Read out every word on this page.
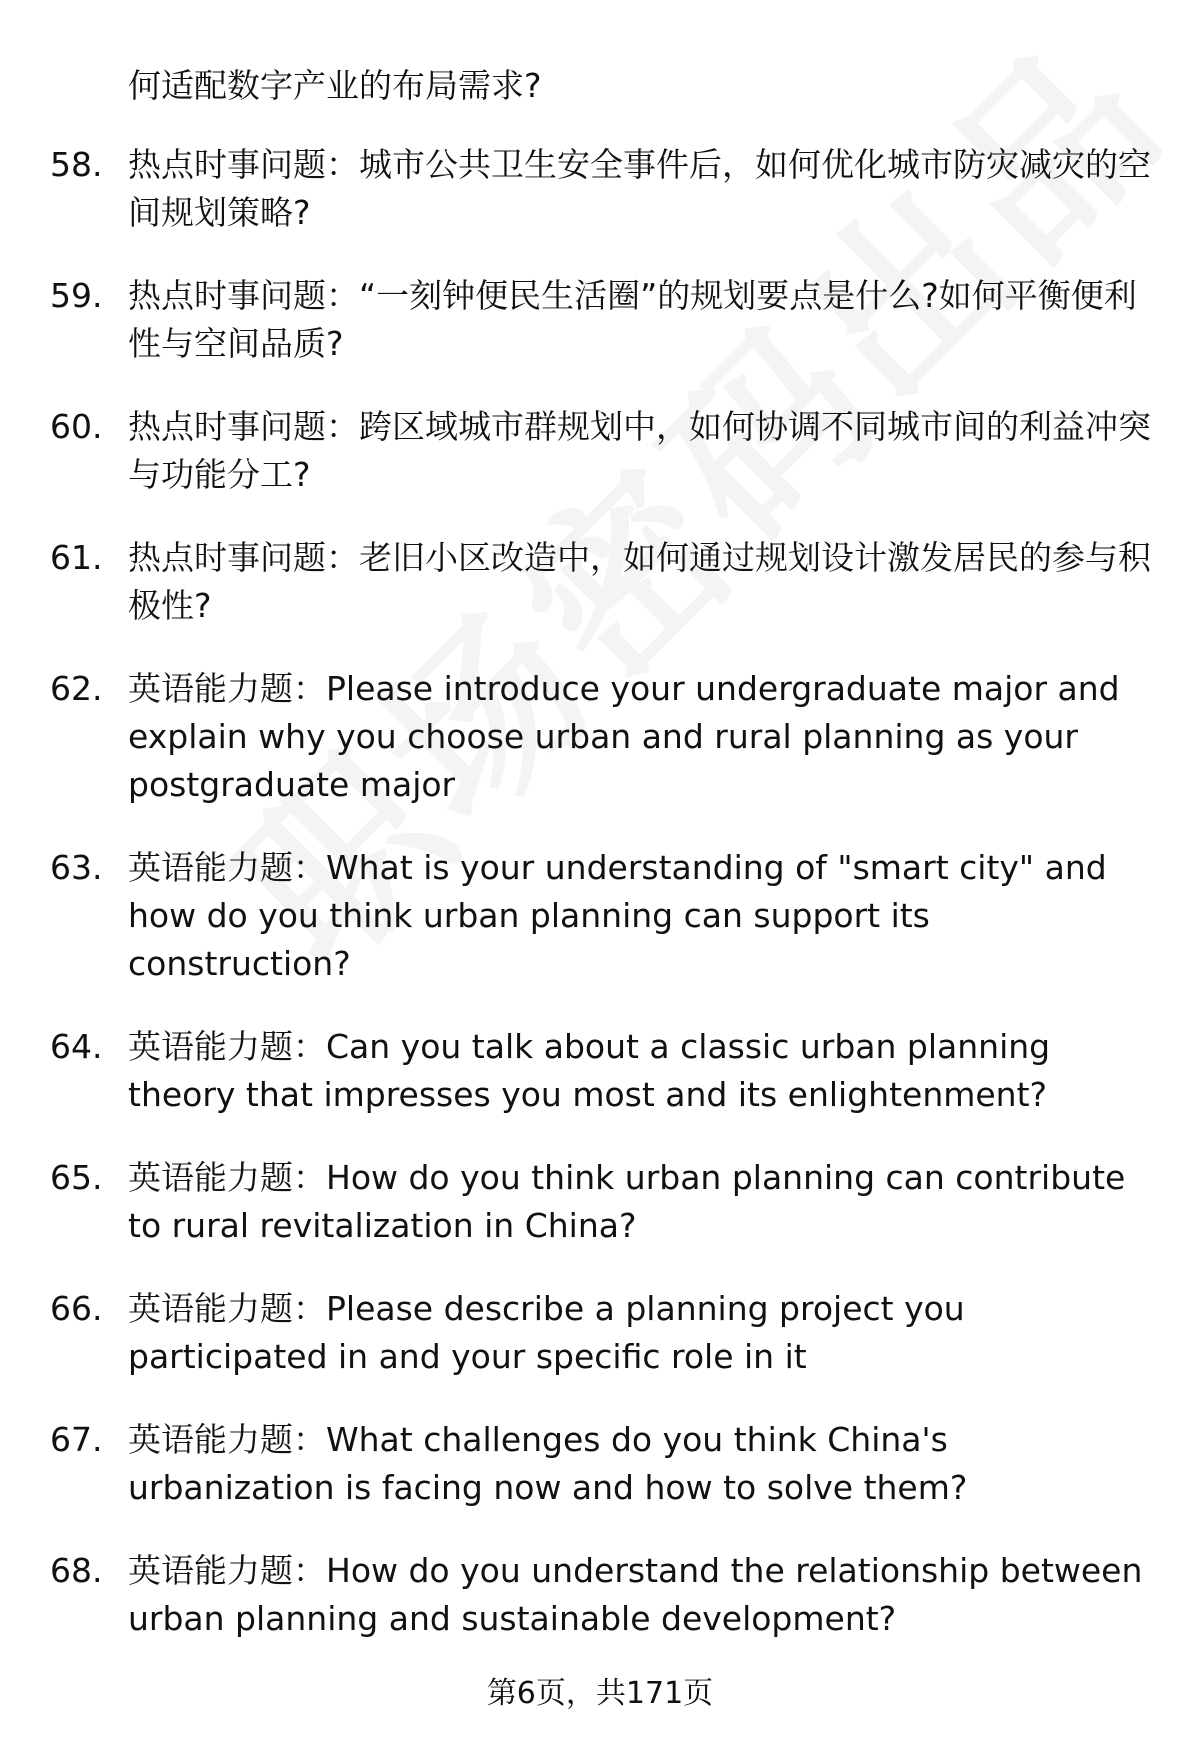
何适配数字产业的布局需求?
58. 热点时事问题：城市公共卫生安全事件后，如何优化城市防灾减灾的空间规划策略?
59. 热点时事问题：“一刻钟便民生活圈”的规划要点是什么?如何平衡便利性与空间品质?
60. 热点时事问题：跨区域城市群规划中，如何协调不同城市间的利益冲突与功能分工?
61. 热点时事问题：老旧小区改造中，如何通过规划设计激发居民的参与积极性?
62. 英语能力题：Please introduce your undergraduate major and explain why you choose urban and rural planning as your postgraduate major
63. 英语能力题：What is your understanding of "smart city" and how do you think urban planning can support its construction?
64. 英语能力题：Can you talk about a classic urban planning theory that impresses you most and its enlightenment?
65. 英语能力题：How do you think urban planning can contribute to rural revitalization in China?
66. 英语能力题：Please describe a planning project you participated in and your specific role in it
67. 英语能力题：What challenges do you think China's urbanization is facing now and how to solve them?
68. 英语能力题：How do you understand the relationship between urban planning and sustainable development?
第6页，共171页
